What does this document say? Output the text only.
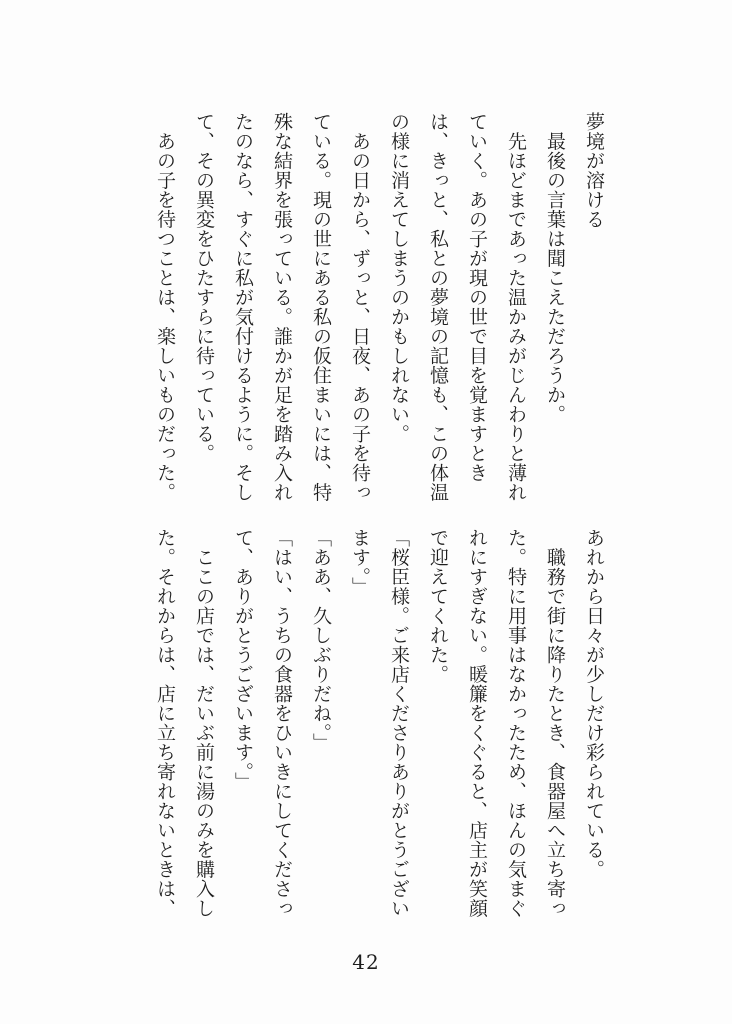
夢境が溶ける
　最後の言葉は聞こえただろうか。
　先ほどまであった温かみがじんわりと薄れ
ていく。あの子が現の世で目を覚ますとき
は、きっと、私との夢境の記憶も、この体温
の様に消えてしまうのかもしれない。
　あの日から、ずっと、日夜、あの子を待っ
ている。現の世にある私の仮住まいには、特
殊な結界を張っている。誰かが足を踏み入れ
たのなら、すぐに私が気付けるように。そし
て、その異変をひたすらに待っている。
　あの子を待つことは、楽しいものだった。
あれから日々が少しだけ彩られている。
　職務で街に降りたとき、食器屋へ立ち寄っ
た。特に用事はなかったため、ほんの気まぐ
れにすぎない。暖簾をくぐると、店主が笑顔
で迎えてくれた。
「桜臣様。ご来店くださりありがとうござい
ます。」
「ああ、久しぶりだね。」
「はい、うちの食器をひいきにしてくださっ
て、ありがとうございます。」
　ここの店では、だいぶ前に湯のみを購入し
た。それからは、店に立ち寄れないときは、
42
